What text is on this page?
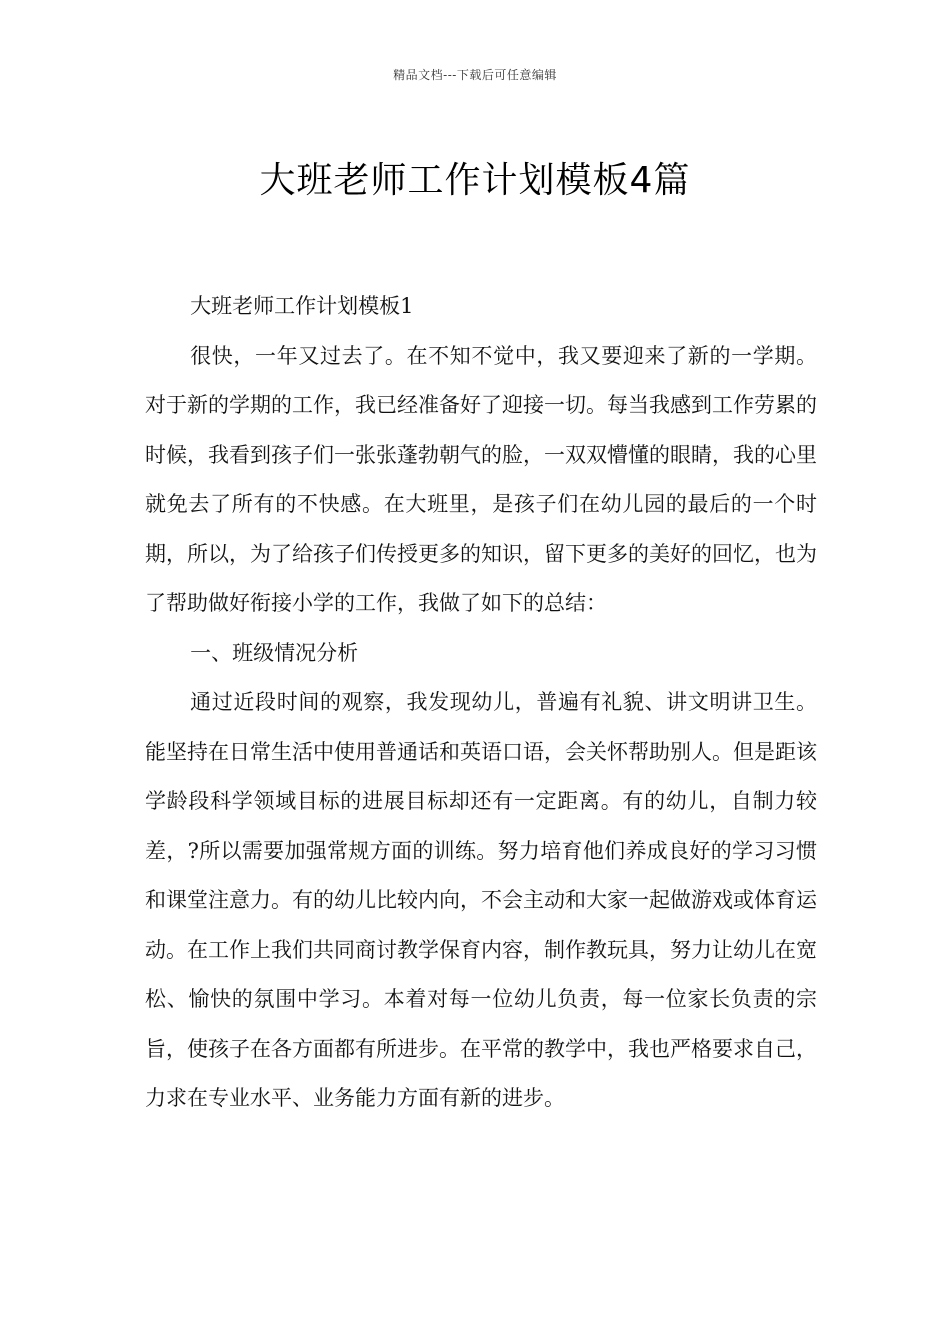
精品文档---下载后可任意编辑
大班老师工作计划模板4篇

大班老师工作计划模板1

很快，一年又过去了。在不知不觉中，我又要迎来了新的一学期。对于新的学期的工作，我已经准备好了迎接一切。每当我感到工作劳累的时候，我看到孩子们一张张蓬勃朝气的脸，一双双懵懂的眼睛，我的心里就免去了所有的不快感。在大班里，是孩子们在幼儿园的最后的一个时期，所以，为了给孩子们传授更多的知识，留下更多的美好的回忆，也为了帮助做好衔接小学的工作，我做了如下的总结：

一、班级情况分析

通过近段时间的观察，我发现幼儿，普遍有礼貌、讲文明讲卫生。能坚持在日常生活中使用普通话和英语口语，会关怀帮助别人。但是距该学龄段科学领域目标的进展目标却还有一定距离。有的幼儿，自制力较差，?所以需要加强常规方面的训练。努力培育他们养成良好的学习习惯和课堂注意力。有的幼儿比较内向，不会主动和大家一起做游戏或体育运动。在工作上我们共同商讨教学保育内容，制作教玩具，努力让幼儿在宽松、愉快的氛围中学习。本着对每一位幼儿负责，每一位家长负责的宗旨，使孩子在各方面都有所进步。在平常的教学中，我也严格要求自己，力求在专业水平、业务能力方面有新的进步。
